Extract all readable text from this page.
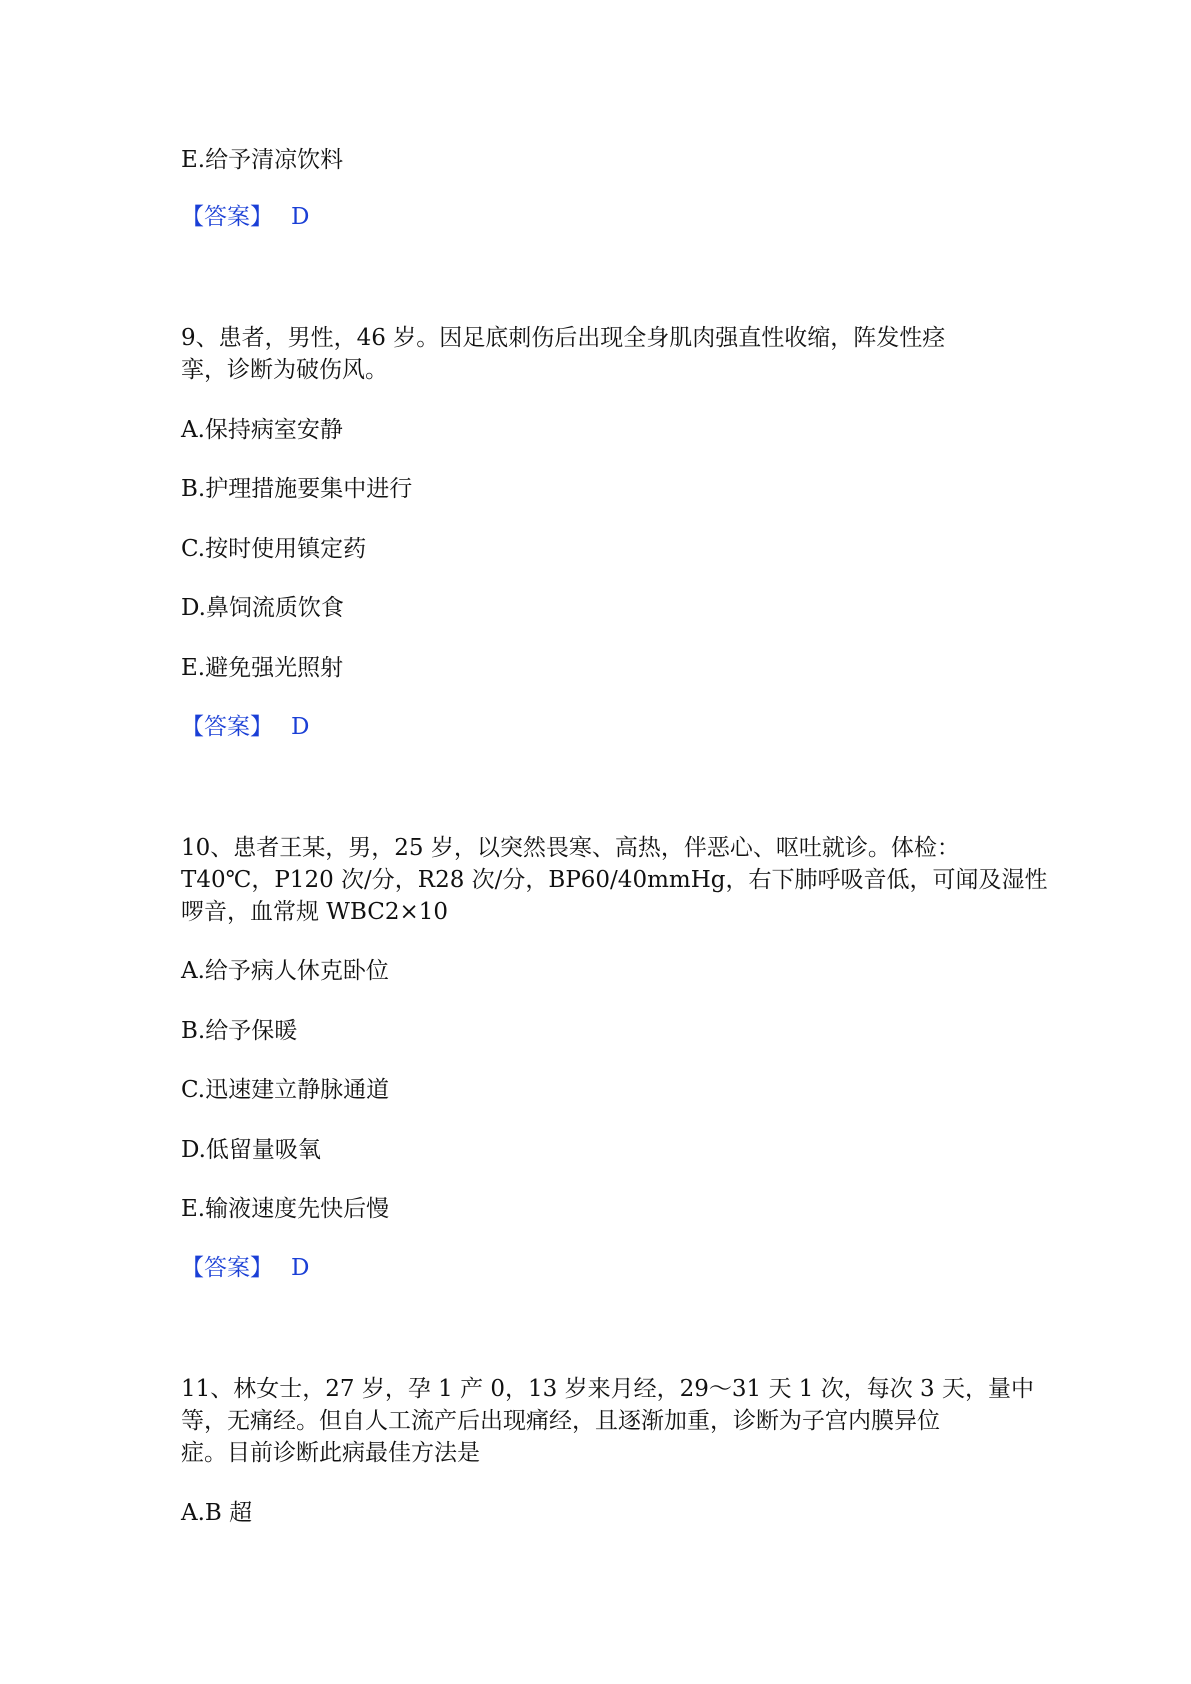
E.给予清凉饮料

【答案】 D

9、患者，男性，46 岁。因足底刺伤后出现全身肌肉强直性收缩，阵发性痉

挛，诊断为破伤风。

A.保持病室安静

B.护理措施要集中进行

C.按时使用镇定药

D.鼻饲流质饮食

E.避免强光照射

【答案】 D

10、患者王某，男，25 岁，以突然畏寒、高热，伴恶心、呕吐就诊。体检：

T40℃，P120 次/分，R28 次/分，BP60/40mmHg，右下肺呼吸音低，可闻及湿性

啰音，血常规 WBC2×10

A.给予病人休克卧位

B.给予保暖

C.迅速建立静脉通道

D.低留量吸氧

E.输液速度先快后慢

【答案】 D

11、林女士，27 岁，孕 1 产 0，13 岁来月经，29～31 天 1 次，每次 3 天，量中

等，无痛经。但自人工流产后出现痛经，且逐渐加重，诊断为子宫内膜异位

症。目前诊断此病最佳方法是

A.B 超
